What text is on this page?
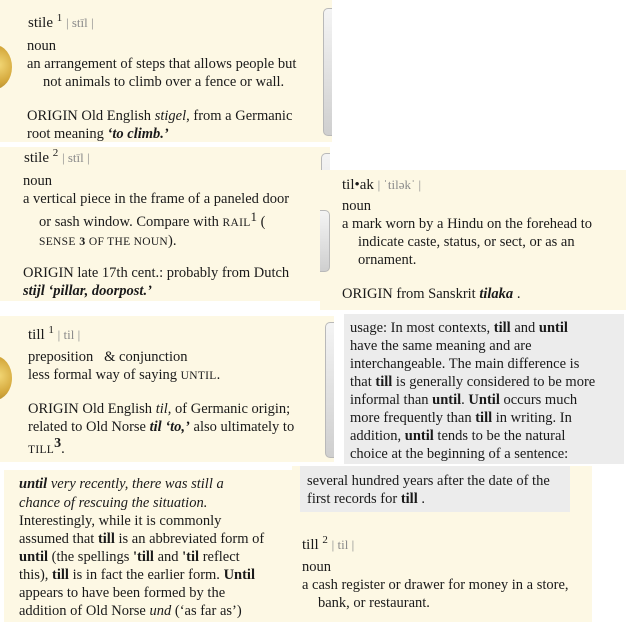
stile $^1$ | stīl |
noun
an arrangement of steps that allows people but
not animals to climb over a fence or wall.
ORIGIN Old English stigel, from a Germanic
root meaning ‘to climb.’
stile $^2$ | stīl |
noun
a vertical piece in the frame of a paneled door
or sash window. Compare with RAIL1 (
SENSE 3 OF THE NOUN).
ORIGIN late 17th cent.: probably from Dutch
stijl ‘pillar, doorpost.’
til•ak | ˈtiləkˈ |
noun
a mark worn by a Hindu on the forehead to
indicate caste, status, or sect, or as an
ornament.
ORIGIN from Sanskrit tilaka .
till $^1$ | til |
preposition   & conjunction
less formal way of saying UNTIL.
ORIGIN Old English til, of Germanic origin;
related to Old Norse til ‘to,’ also ultimately to
TILL3.
usage: In most contexts, till and until
have the same meaning and are
interchangeable. The main difference is
that till is generally considered to be more
informal than until. Until occurs much
more frequently than till in writing. In
addition, until tends to be the natural
choice at the beginning of a sentence:
until very recently, there was still a
chance of rescuing the situation.
Interestingly, while it is commonly
assumed that till is an abbreviated form of
until (the spellings 'till and 'til reflect
this), till is in fact the earlier form. Until
appears to have been formed by the
addition of Old Norse und (‘as far as’)
several hundred years after the date of the
first records for till .
till $^2$ | til |
noun
a cash register or drawer for money in a store,
bank, or restaurant.
